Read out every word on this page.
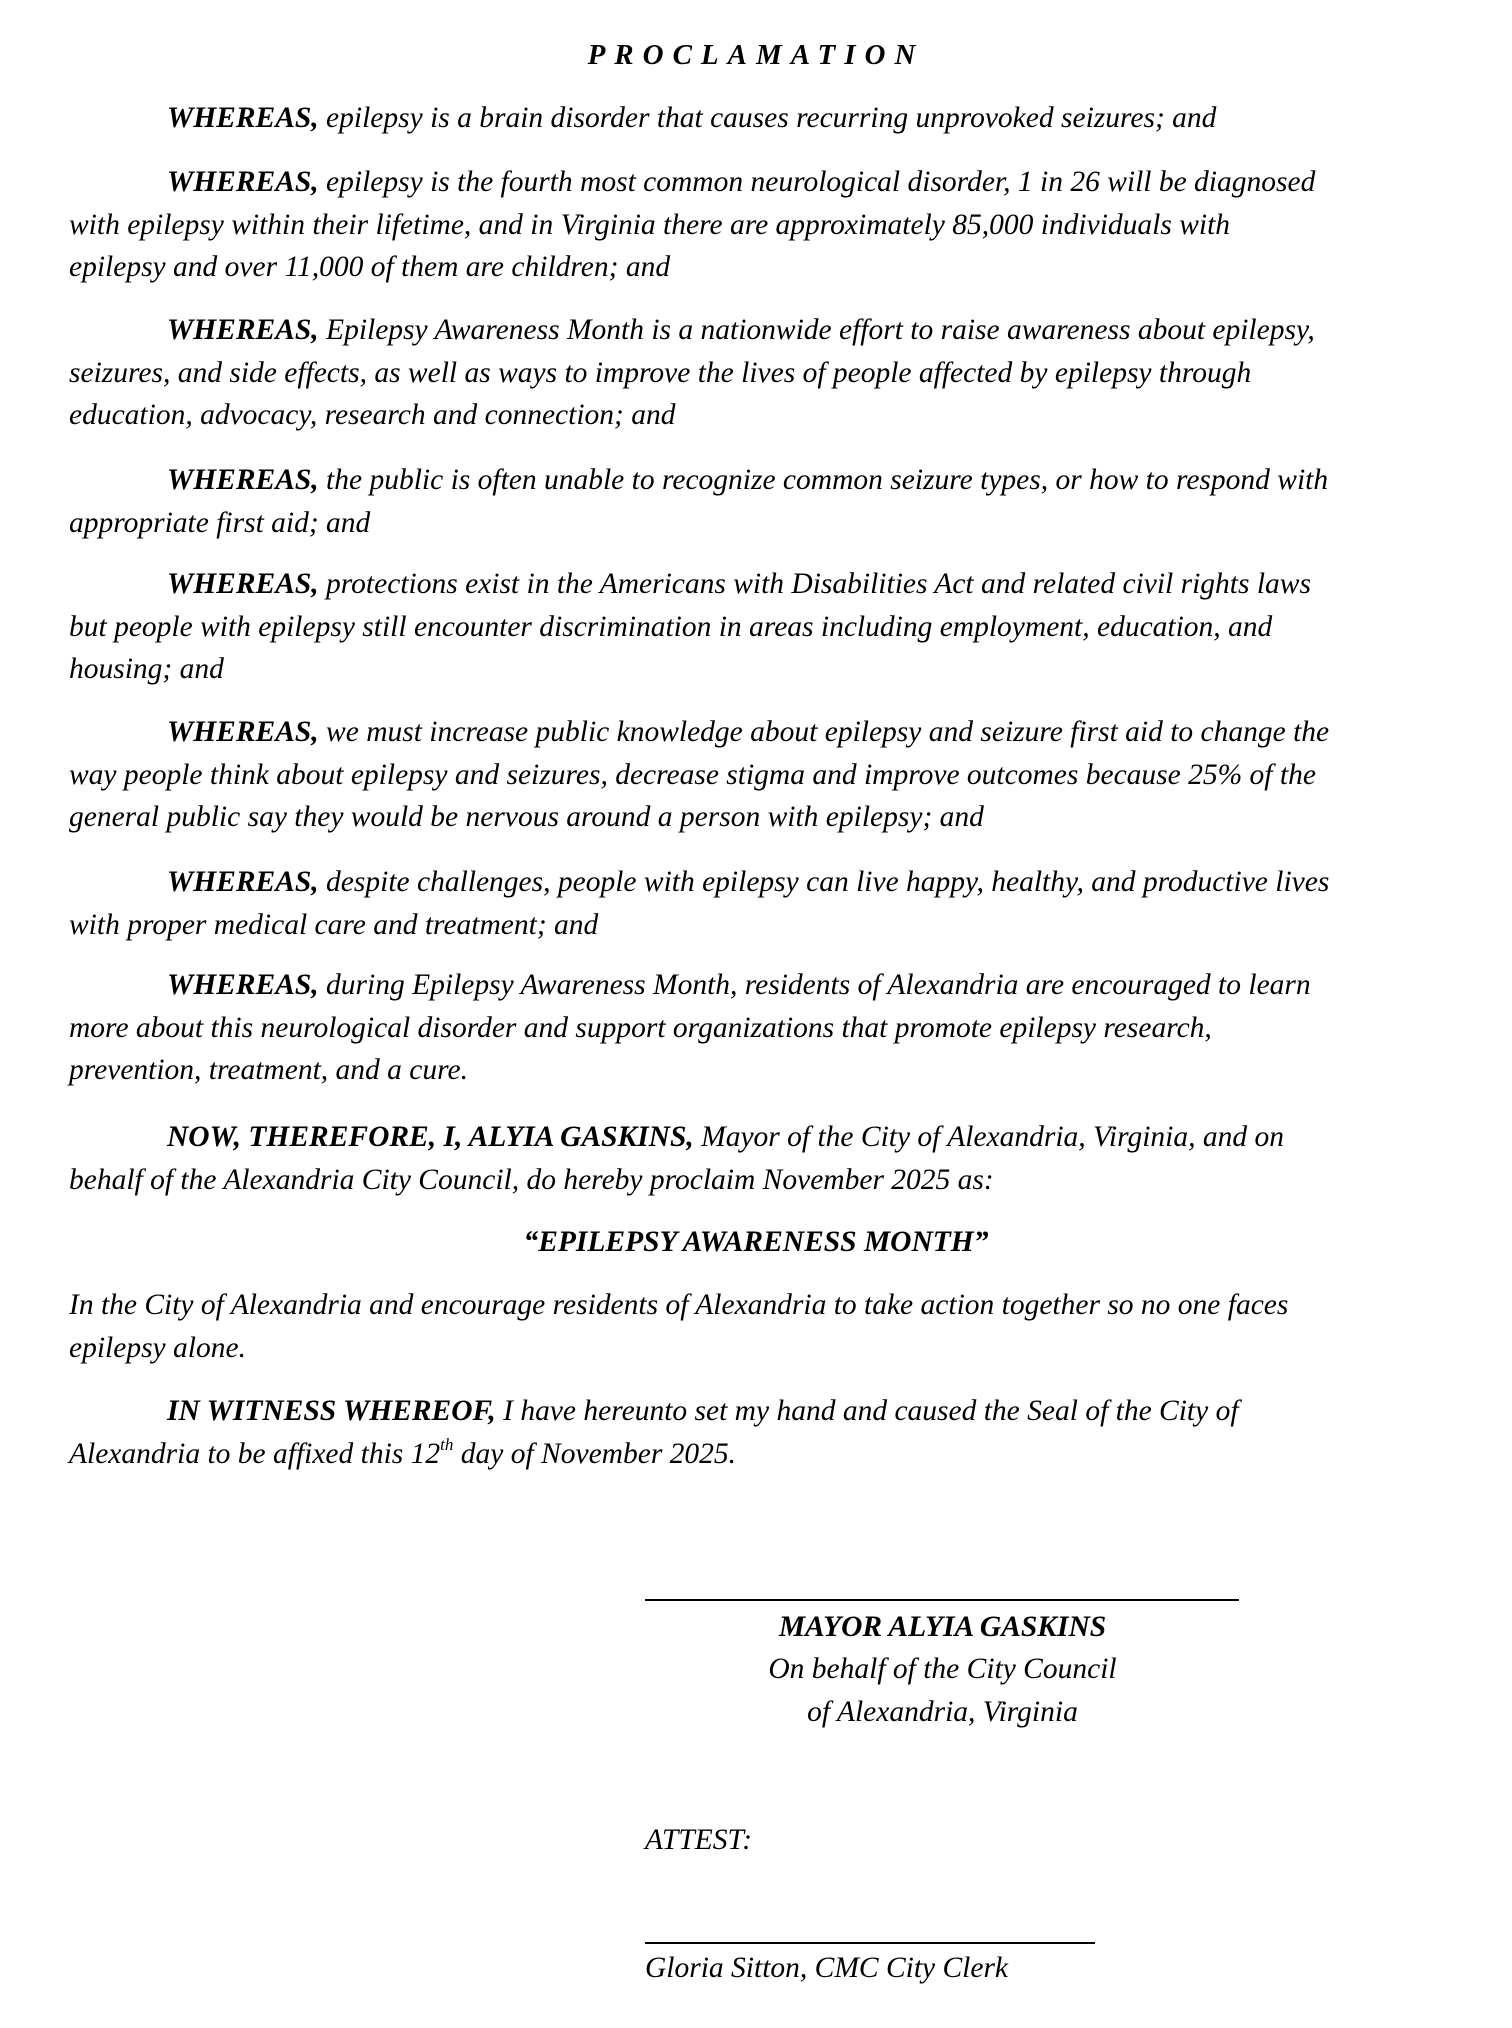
PROCLAMATION
WHEREAS, epilepsy is a brain disorder that causes recurring unprovoked seizures; and
WHEREAS, epilepsy is the fourth most common neurological disorder, 1 in 26 will be diagnosed
with epilepsy within their lifetime, and in Virginia there are approximately 85,000 individuals with
epilepsy and over 11,000 of them are children; and
WHEREAS, Epilepsy Awareness Month is a nationwide effort to raise awareness about epilepsy,
seizures, and side effects, as well as ways to improve the lives of people affected by epilepsy through
education, advocacy, research and connection; and
WHEREAS, the public is often unable to recognize common seizure types, or how to respond with
appropriate first aid; and
WHEREAS, protections exist in the Americans with Disabilities Act and related civil rights laws
but people with epilepsy still encounter discrimination in areas including employment, education, and
housing; and
WHEREAS, we must increase public knowledge about epilepsy and seizure first aid to change the
way people think about epilepsy and seizures, decrease stigma and improve outcomes because 25% of the
general public say they would be nervous around a person with epilepsy; and
WHEREAS, despite challenges, people with epilepsy can live happy, healthy, and productive lives
with proper medical care and treatment; and
WHEREAS, during Epilepsy Awareness Month, residents of Alexandria are encouraged to learn
more about this neurological disorder and support organizations that promote epilepsy research,
prevention, treatment, and a cure.
NOW, THEREFORE, I, ALYIA GASKINS, Mayor of the City of Alexandria, Virginia, and on
behalf of the Alexandria City Council, do hereby proclaim November 2025 as:
“EPILEPSY AWARENESS MONTH”
In the City of Alexandria and encourage residents of Alexandria to take action together so no one faces
epilepsy alone.
IN WITNESS WHEREOF, I have hereunto set my hand and caused the Seal of the City of
Alexandria to be affixed this 12th day of November 2025.
MAYOR ALYIA GASKINS
On behalf of the City Council
of Alexandria, Virginia
ATTEST:
Gloria Sitton, CMC City Clerk
